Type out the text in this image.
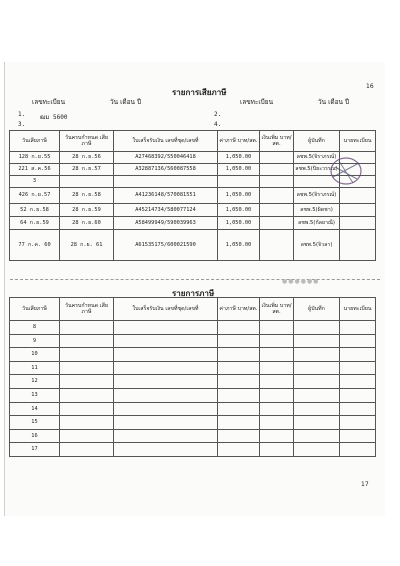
16
รายการเสียภาษี
เลขทะเบียน	วัน เดือน ปี	เลขทะเบียน	วัน เดือน ปี
1. ฒม 5600
3.
2.
4.
วันเสียภาษี	วันครบกำหนด เสียภาษี	ใบเสร็จรับเงิน เลขที่ชุด/เลขที่	ค่าภาษี บาท/สต.	เงินเพิ่ม บาท/สต.	ผู้บันทึก	นายทะเบียน
128 ก.ย.55	28 ก.ย.56	A27468392/550046418	1,050.00		ลชพ.5(จิราภรณ์)	
221 ส.ค.56	28 ก.ย.57	A32887136/560087558	1,050.00		ลชพ.5(ปิยะวรรณ)	
3						
426 ก.ย.57	28 ก.ย.58	A41236148/570081551	1,050.00		ลชพ.5(จิราภรณ์)	
52 ก.ย.58	28 ก.ย.59	A45214734/580077124	1,050.00		ลชพ.5(ผิดชา)	
64 ก.ย.59	28 ก.ย.60	A58499949/590039963	1,050.00		ลชพ.5(กัลยาณี)	
77 ก.ค. 60	28 ก.ย. 61	A61535175/600021590	1,050.00		ลชพ.5(จิวลา)	
●●●●●●
รายการภาษี
วันเสียภาษี	วันครบกำหนด เสียภาษี	ใบเสร็จรับเงิน เลขที่ชุด/เลขที่	ค่าภาษี บาท/สต.	เงินเพิ่ม บาท/สต.	ผู้บันทึก	นายทะเบียน
8						
9						
10						
11						
12						
13						
14						
15						
16						
17						
17
